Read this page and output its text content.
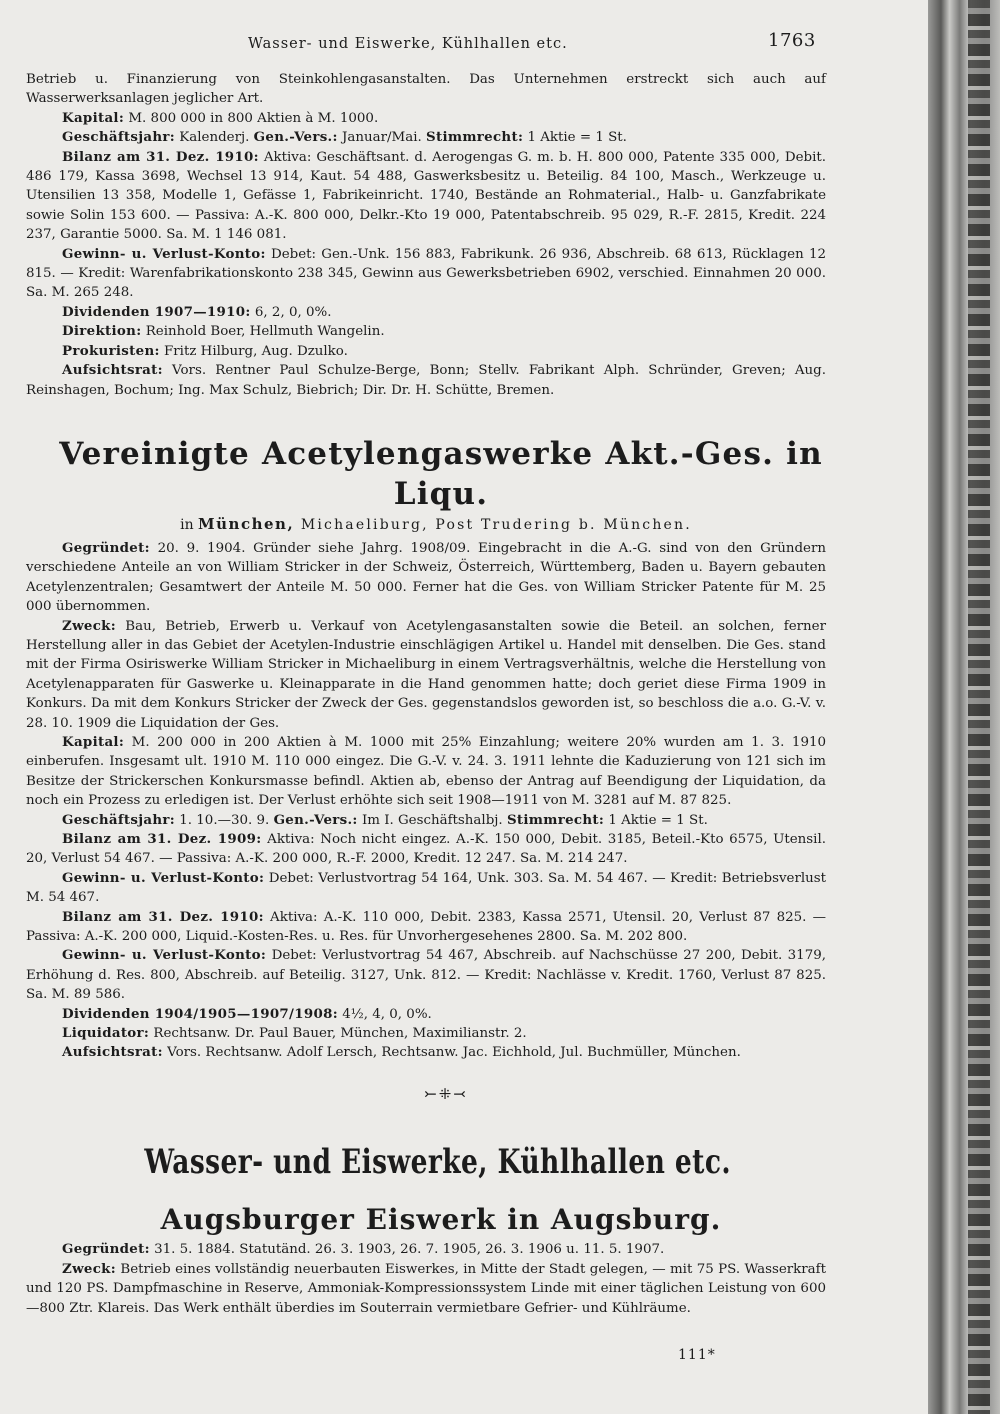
Wasser- und Eiswerke, Kühlhallen etc.	1763

Betrieb u. Finanzierung von Steinkohlengasanstalten. Das Unternehmen erstreckt sich auch auf Wasserwerksanlagen jeglicher Art.

Kapital: M. 800 000 in 800 Aktien à M. 1000.

Geschäftsjahr: Kalenderj. Gen.-Vers.: Januar/Mai. Stimmrecht: 1 Aktie = 1 St.

Bilanz am 31. Dez. 1910: Aktiva: Geschäftsant. d. Aerogengas G. m. b. H. 800 000, Patente 335 000, Debit. 486 179, Kassa 3698, Wechsel 13 914, Kaut. 54 488, Gaswerksbesitz u. Beteilig. 84 100, Masch., Werkzeuge u. Utensilien 13 358, Modelle 1, Gefässe 1, Fabrikeinricht. 1740, Bestände an Rohmaterial., Halb- u. Ganzfabrikate sowie Solin 153 600. — Passiva: A.-K. 800 000, Delkr.-Kto 19 000, Patentabschreib. 95 029, R.-F. 2815, Kredit. 224 237, Garantie 5000. Sa. M. 1 146 081.

Gewinn- u. Verlust-Konto: Debet: Gen.-Unk. 156 883, Fabrikunk. 26 936, Abschreib. 68 613, Rücklagen 12 815. — Kredit: Warenfabrikationskonto 238 345, Gewinn aus Gewerksbetrieben 6902, verschied. Einnahmen 20 000. Sa. M. 265 248.

Dividenden 1907—1910: 6, 2, 0, 0%.

Direktion: Reinhold Boer, Hellmuth Wangelin.

Prokuristen: Fritz Hilburg, Aug. Dzulko.

Aufsichtsrat: Vors. Rentner Paul Schulze-Berge, Bonn; Stellv. Fabrikant Alph. Schründer, Greven; Aug. Reinshagen, Bochum; Ing. Max Schulz, Biebrich; Dir. Dr. H. Schütte, Bremen.

Vereinigte Acetylengaswerke Akt.-Ges. in Liqu.

in München, Michaeliburg, Post Trudering b. München.

Gegründet: 20. 9. 1904. Gründer siehe Jahrg. 1908/09. Eingebracht in die A.-G. sind von den Gründern verschiedene Anteile an von William Stricker in der Schweiz, Österreich, Württemberg, Baden u. Bayern gebauten Acetylenzentralen; Gesamtwert der Anteile M. 50 000. Ferner hat die Ges. von William Stricker Patente für M. 25 000 übernommen.

Zweck: Bau, Betrieb, Erwerb u. Verkauf von Acetylengasanstalten sowie die Beteil. an solchen, ferner Herstellung aller in das Gebiet der Acetylen-Industrie einschlägigen Artikel u. Handel mit denselben. Die Ges. stand mit der Firma Osiriswerke William Stricker in Michaeliburg in einem Vertragsverhältnis, welche die Herstellung von Acetylenapparaten für Gaswerke u. Kleinapparate in die Hand genommen hatte; doch geriet diese Firma 1909 in Konkurs. Da mit dem Konkurs Stricker der Zweck der Ges. gegenstandslos geworden ist, so beschloss die a.o. G.-V. v. 28. 10. 1909 die Liquidation der Ges.

Kapital: M. 200 000 in 200 Aktien à M. 1000 mit 25% Einzahlung; weitere 20% wurden am 1. 3. 1910 einberufen. Insgesamt ult. 1910 M. 110 000 eingez. Die G.-V. v. 24. 3. 1911 lehnte die Kaduzierung von 121 sich im Besitze der Strickerschen Konkursmasse befindl. Aktien ab, ebenso der Antrag auf Beendigung der Liquidation, da noch ein Prozess zu erledigen ist. Der Verlust erhöhte sich seit 1908—1911 von M. 3281 auf M. 87 825.

Geschäftsjahr: 1. 10.—30. 9. Gen.-Vers.: Im I. Geschäftshalbj. Stimmrecht: 1 Aktie = 1 St.

Bilanz am 31. Dez. 1909: Aktiva: Noch nicht eingez. A.-K. 150 000, Debit. 3185, Beteil.-Kto 6575, Utensil. 20, Verlust 54 467. — Passiva: A.-K. 200 000, R.-F. 2000, Kredit. 12 247. Sa. M. 214 247.

Gewinn- u. Verlust-Konto: Debet: Verlustvortrag 54 164, Unk. 303. Sa. M. 54 467. — Kredit: Betriebsverlust M. 54 467.

Bilanz am 31. Dez. 1910: Aktiva: A.-K. 110 000, Debit. 2383, Kassa 2571, Utensil. 20, Verlust 87 825. — Passiva: A.-K. 200 000, Liquid.-Kosten-Res. u. Res. für Unvorhergesehenes 2800. Sa. M. 202 800.

Gewinn- u. Verlust-Konto: Debet: Verlustvortrag 54 467, Abschreib. auf Nachschüsse 27 200, Debit. 3179, Erhöhung d. Res. 800, Abschreib. auf Beteilig. 3127, Unk. 812. — Kredit: Nachlässe v. Kredit. 1760, Verlust 87 825. Sa. M. 89 586.

Dividenden 1904/1905—1907/1908: 4½, 4, 0, 0%.

Liquidator: Rechtsanw. Dr. Paul Bauer, München, Maximilianstr. 2.

Aufsichtsrat: Vors. Rechtsanw. Adolf Lersch, Rechtsanw. Jac. Eichhold, Jul. Buchmüller, München.

⤚⁜⤙
Wasser- und Eiswerke, Kühlhallen etc.
Augsburger Eiswerk in Augsburg.

Gegründet: 31. 5. 1884. Statutänd. 26. 3. 1903, 26. 7. 1905, 26. 3. 1906 u. 11. 5. 1907.

Zweck: Betrieb eines vollständig neuerbauten Eiswerkes, in Mitte der Stadt gelegen, — mit 75 PS. Wasserkraft und 120 PS. Dampfmaschine in Reserve, Ammoniak-Kompressionssystem Linde mit einer täglichen Leistung von 600—800 Ztr. Klareis. Das Werk enthält überdies im Souterrain vermietbare Gefrier- und Kühlräume.

111*
